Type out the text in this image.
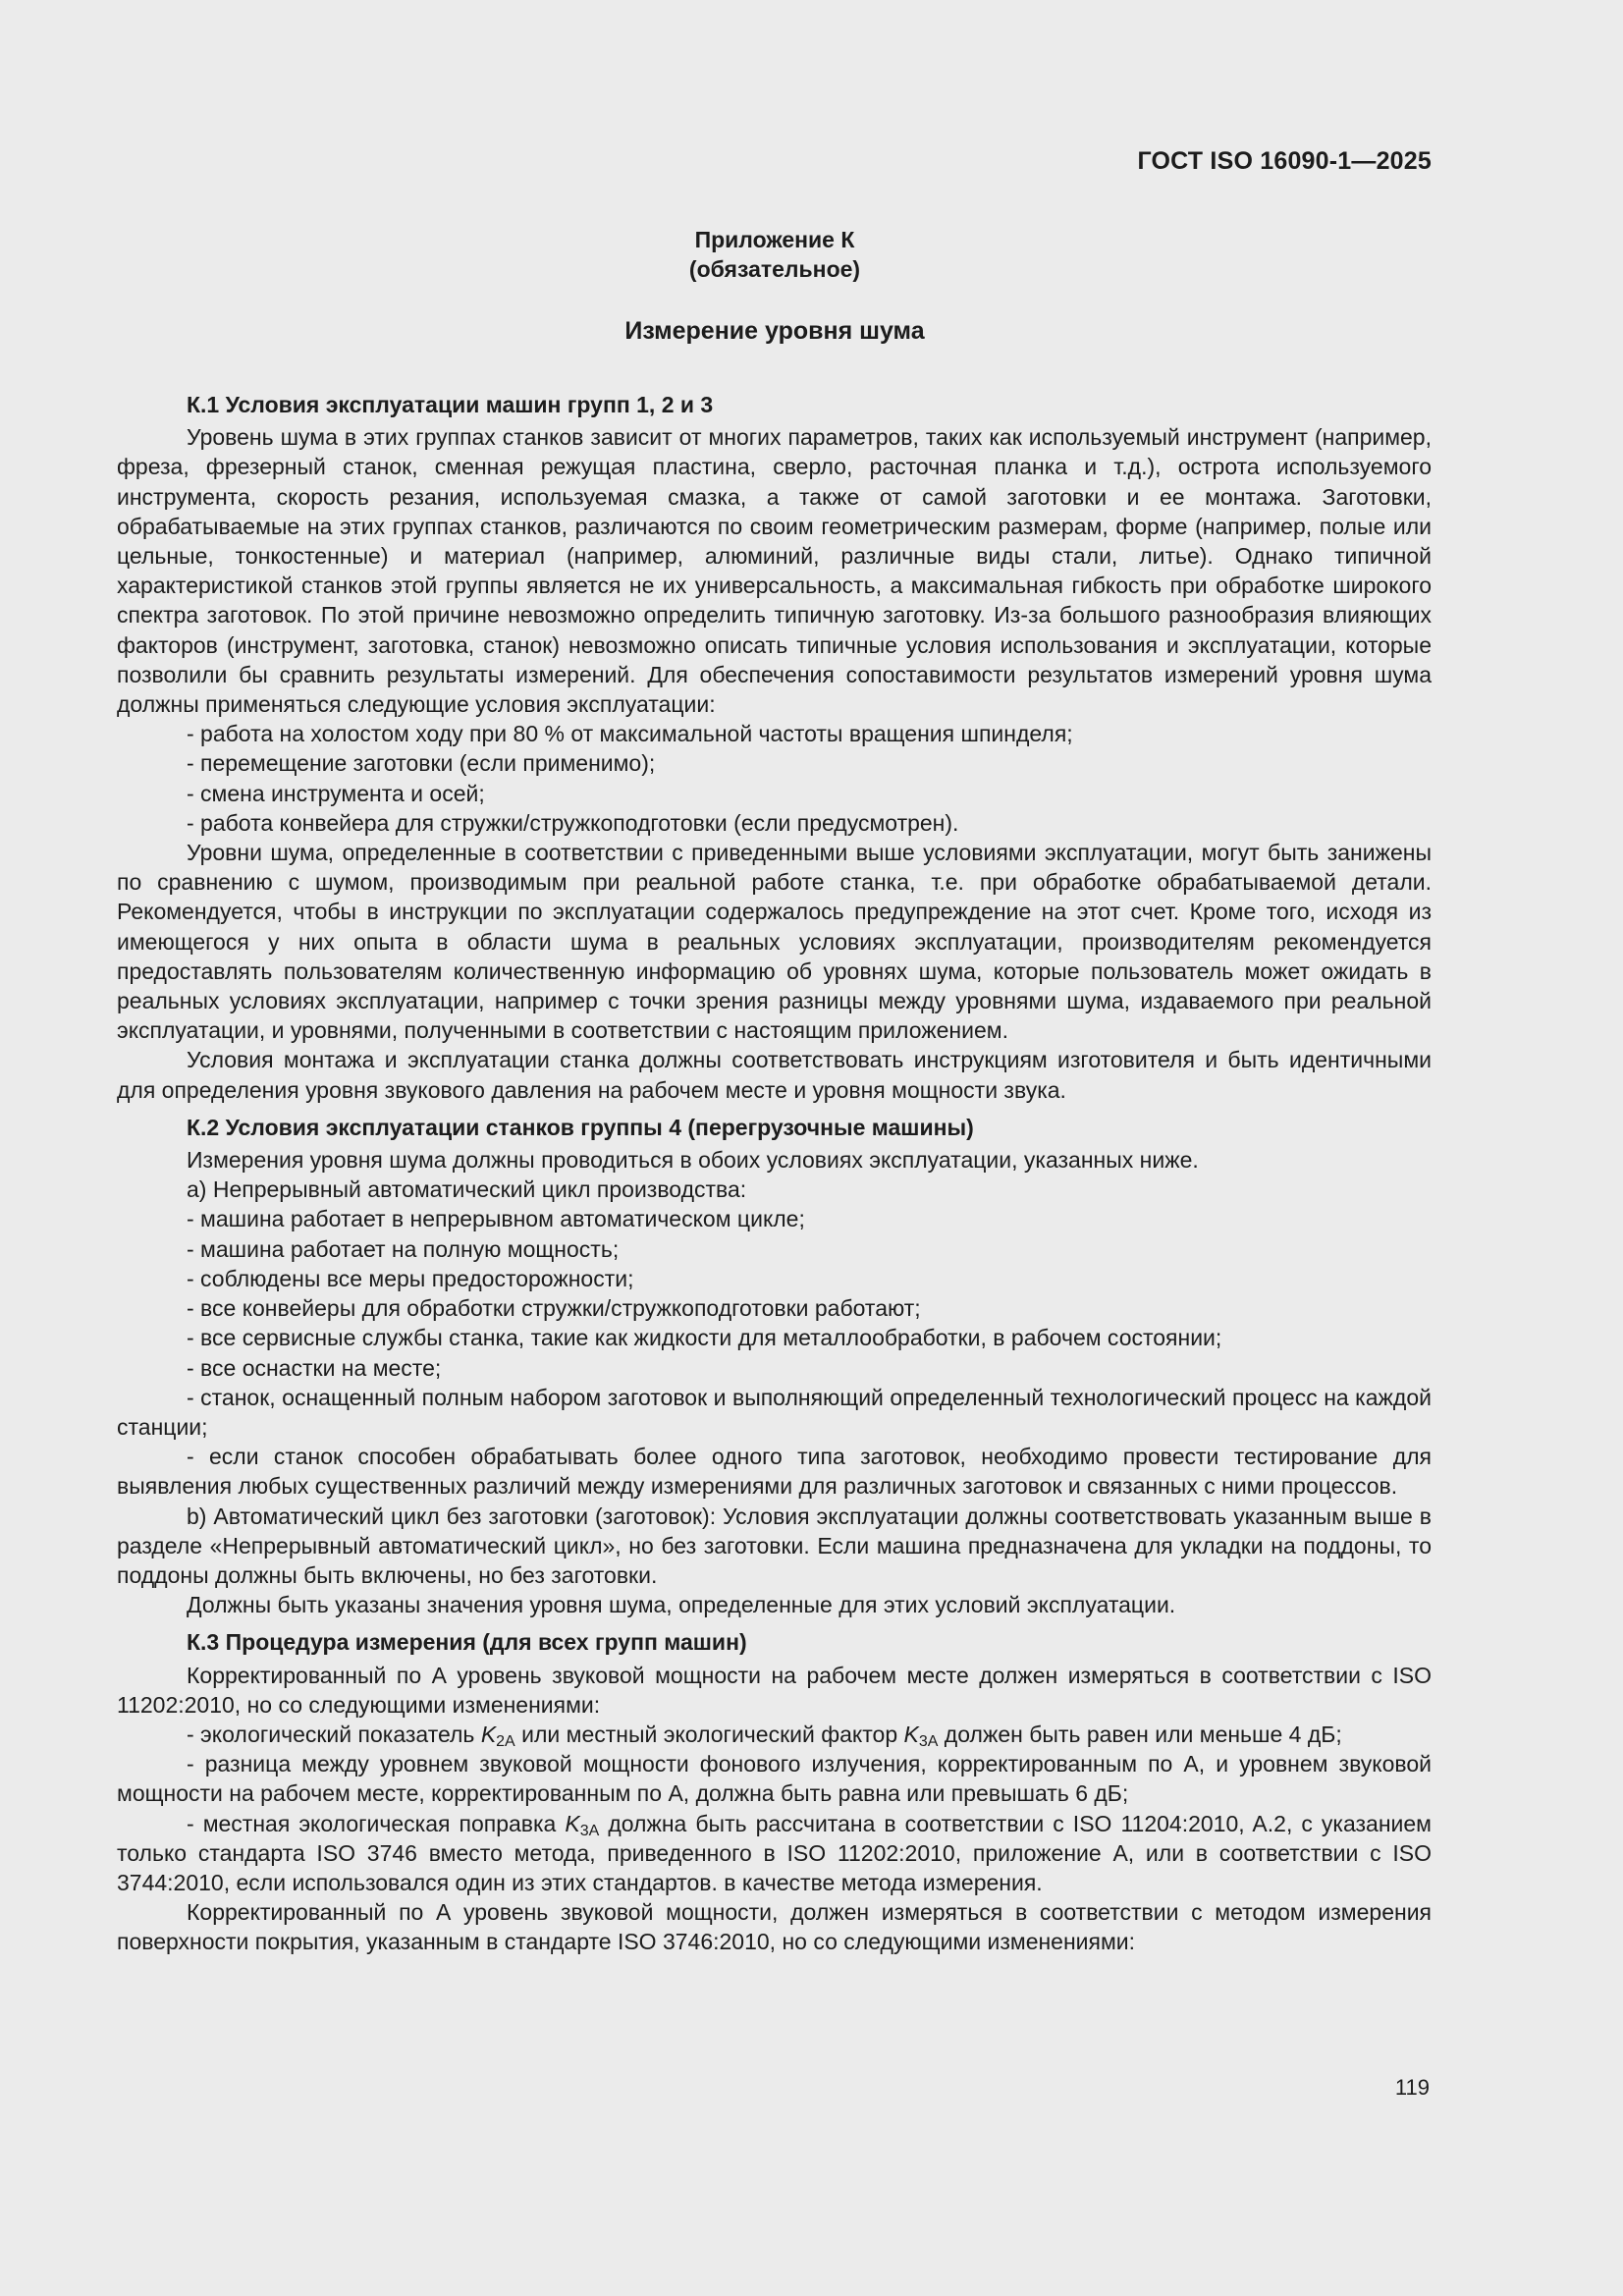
ГОСТ ISO 16090-1—2025
Приложение К
(обязательное)
Измерение уровня шума
К.1 Условия эксплуатации машин групп 1, 2 и 3

Уровень шума в этих группах станков зависит от многих параметров, таких как используемый инструмент (например, фреза, фрезерный станок, сменная режущая пластина, сверло, расточная планка и т.д.), острота используемого инструмента, скорость резания, используемая смазка, а также от самой заготовки и ее монтажа. Заготовки, обрабатываемые на этих группах станков, различаются по своим геометрическим размерам, форме (например, полые или цельные, тонкостенные) и материал (например, алюминий, различные виды стали, литье). Однако типичной характеристикой станков этой группы является не их универсальность, а максимальная гибкость при обработке широкого спектра заготовок. По этой причине невозможно определить типичную заготовку. Из-за большого разнообразия влияющих факторов (инструмент, заготовка, станок) невозможно описать типичные условия использования и эксплуатации, которые позволили бы сравнить результаты измерений. Для обеспечения сопоставимости результатов измерений уровня шума должны применяться следующие условия эксплуатации:

- работа на холостом ходу при 80 % от максимальной частоты вращения шпинделя;

- перемещение заготовки (если применимо);

- смена инструмента и осей;

- работа конвейера для стружки/стружкоподготовки (если предусмотрен).

Уровни шума, определенные в соответствии с приведенными выше условиями эксплуатации, могут быть занижены по сравнению с шумом, производимым при реальной работе станка, т.е. при обработке обрабатываемой детали. Рекомендуется, чтобы в инструкции по эксплуатации содержалось предупреждение на этот счет. Кроме того, исходя из имеющегося у них опыта в области шума в реальных условиях эксплуатации, производителям рекомендуется предоставлять пользователям количественную информацию об уровнях шума, которые пользователь может ожидать в реальных условиях эксплуатации, например с точки зрения разницы между уровнями шума, издаваемого при реальной эксплуатации, и уровнями, полученными в соответствии с настоящим приложением.

Условия монтажа и эксплуатации станка должны соответствовать инструкциям изготовителя и быть идентичными для определения уровня звукового давления на рабочем месте и уровня мощности звука.

К.2 Условия эксплуатации станков группы 4 (перегрузочные машины)

Измерения уровня шума должны проводиться в обоих условиях эксплуатации, указанных ниже.

а) Непрерывный автоматический цикл производства:

- машина работает в непрерывном автоматическом цикле;

- машина работает на полную мощность;

- соблюдены все меры предосторожности;

- все конвейеры для обработки стружки/стружкоподготовки работают;

- все сервисные службы станка, такие как жидкости для металлообработки, в рабочем состоянии;

- все оснастки на месте;

- станок, оснащенный полным набором заготовок и выполняющий определенный технологический процесс на каждой станции;

- если станок способен обрабатывать более одного типа заготовок, необходимо провести тестирование для выявления любых существенных различий между измерениями для различных заготовок и связанных с ними процессов.

b) Автоматический цикл без заготовки (заготовок): Условия эксплуатации должны соответствовать указанным выше в разделе «Непрерывный автоматический цикл», но без заготовки. Если машина предназначена для укладки на поддоны, то поддоны должны быть включены, но без заготовки.

Должны быть указаны значения уровня шума, определенные для этих условий эксплуатации.

К.3 Процедура измерения (для всех групп машин)

Корректированный по А уровень звуковой мощности на рабочем месте должен измеряться в соответствии с ISO 11202:2010, но со следующими изменениями:

- экологический показатель $K_{2A}$ или местный экологический фактор $K_{3A}$ должен быть равен или меньше 4 дБ;

- разница между уровнем звуковой мощности фонового излучения, корректированным по А, и уровнем звуковой мощности на рабочем месте, корректированным по А, должна быть равна или превышать 6 дБ;

- местная экологическая поправка $K_{3A}$ должна быть рассчитана в соответствии с ISO 11204:2010, A.2, с указанием только стандарта ISO 3746 вместо метода, приведенного в ISO 11202:2010, приложение А, или в соответствии с ISO 3744:2010, если использовался один из этих стандартов. в качестве метода измерения.

Корректированный по А уровень звуковой мощности, должен измеряться в соответствии с методом измерения поверхности покрытия, указанным в стандарте ISO 3746:2010, но со следующими изменениями:

119
